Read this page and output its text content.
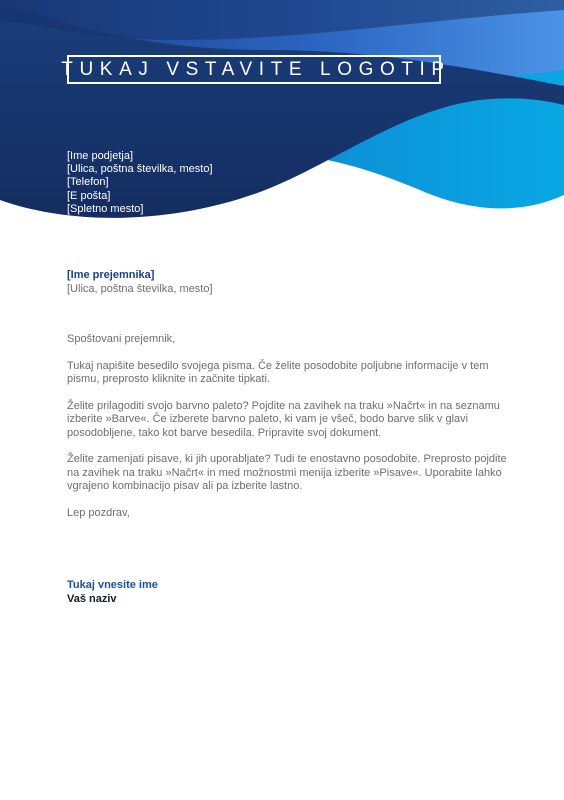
TUKAJ VSTAVITE LOGOTIP
[Ime podjetja]
[Ulica, poštna številka, mesto]
[Telefon]
[E pošta]
[Spletno mesto]
[Ime prejemnika]
[Ulica, poštna številka, mesto]

Spoštovani prejemnik,

Tukaj napišite besedilo svojega pisma. Če želite posodobite poljubne informacije v tem pismu, preprosto kliknite in začnite tipkati.

Želite prilagoditi svojo barvno paleto? Pojdite na zavihek na traku »Načrt« in na seznamu izberite »Barve«. Če izberete barvno paleto, ki vam je všeč, bodo barve slik v glavi posodobljene, tako kot barve besedila. Pripravite svoj dokument.

Želite zamenjati pisave, ki jih uporabljate? Tudi te enostavno posodobite. Preprosto pojdite na zavihek na traku »Načrt« in med možnostmi menija izberite »Pisave«. Uporabite lahko vgrajeno kombinacijo pisav ali pa izberite lastno.

Lep pozdrav,

Tukaj vnesite ime
Vaš naziv
